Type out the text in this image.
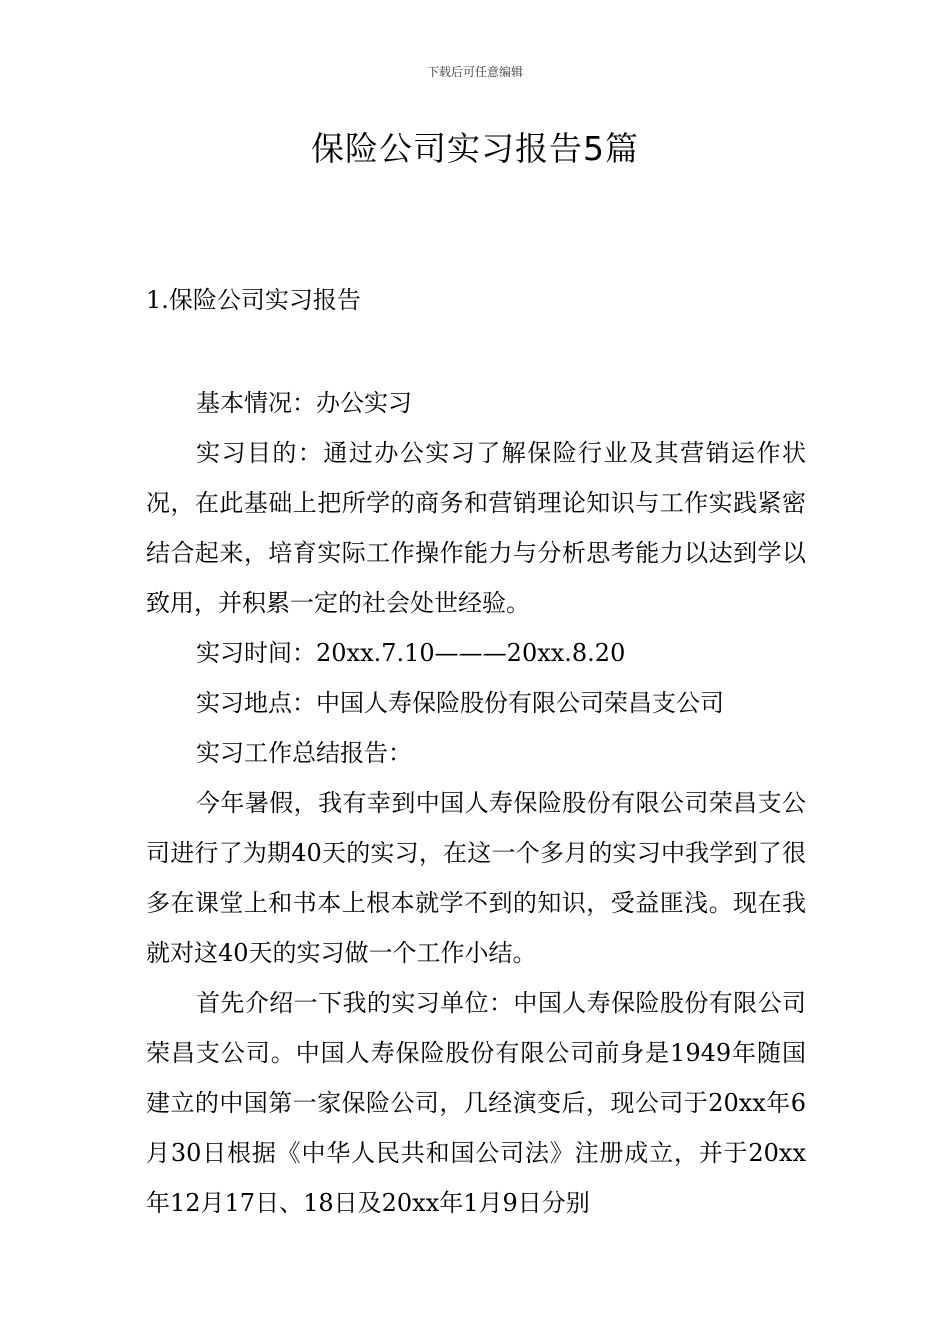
下载后可任意编辑
保险公司实习报告5篇
1.保险公司实习报告

基本情况：办公实习

实习目的：通过办公实习了解保险行业及其营销运作状况，在此基础上把所学的商务和营销理论知识与工作实践紧密结合起来，培育实际工作操作能力与分析思考能力以达到学以致用，并积累一定的社会处世经验。

实习时间：20xx.7.10———20xx.8.20

实习地点：中国人寿保险股份有限公司荣昌支公司

实习工作总结报告：

今年暑假，我有幸到中国人寿保险股份有限公司荣昌支公司进行了为期40天的实习，在这一个多月的实习中我学到了很多在课堂上和书本上根本就学不到的知识，受益匪浅。现在我就对这40天的实习做一个工作小结。

首先介绍一下我的实习单位：中国人寿保险股份有限公司荣昌支公司。中国人寿保险股份有限公司前身是1949年随国建立的中国第一家保险公司，几经演变后，现公司于20xx年6月30日根据《中华人民共和国公司法》注册成立，并于20xx年12月17日、18日及20xx年1月9日分别
